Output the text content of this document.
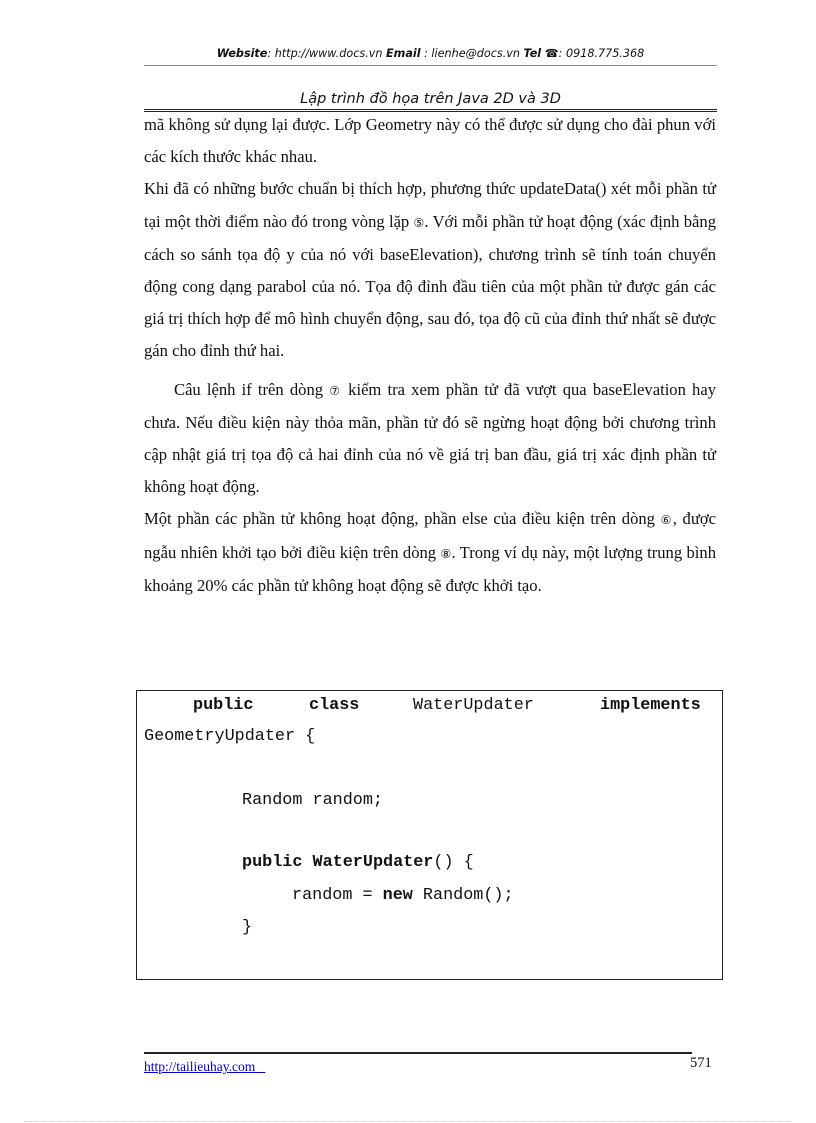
Website: http://www.docs.vn Email : lienhe@docs.vn Tel ☎: 0918.775.368
Lập trình đồ họa trên Java 2D và 3D

mã không sử dụng lại được. Lớp Geometry này có thể được sử dụng cho đài phun với các kích thước khác nhau.

Khi đã có những bước chuẩn bị thích hợp, phương thức updateData() xét mỗi phần tử tại một thời điểm nào đó trong vòng lặp ⑤. Với mỗi phần tử hoạt động (xác định bằng cách so sánh tọa độ y của nó với baseElevation), chương trình sẽ tính toán chuyển động cong dạng parabol của nó. Tọa độ đỉnh đầu tiên của một phần tử được gán các giá trị thích hợp để mô hình chuyển động, sau đó, tọa độ cũ của đỉnh thứ nhất sẽ được gán cho đỉnh thứ hai.

Câu lệnh if trên dòng ⑦ kiểm tra xem phần tử đã vượt qua baseElevation hay chưa. Nếu điều kiện này thỏa mãn, phần tử đó sẽ ngừng hoạt động bởi chương trình cập nhật giá trị tọa độ cả hai đỉnh của nó về giá trị ban đầu, giá trị xác định phần tử không hoạt động.

Một phần các phần tử không hoạt động, phần else của điều kiện trên dòng ⑥, được ngẫu nhiên khởi tạo bởi điều kiện trên dòng ⑧. Trong ví dụ này, một lượng trung bình khoảng 20% các phần tử không hoạt động sẽ được khởi tạo.

public	class	WaterUpdater	implements
GeometryUpdater {
Random random;
public WaterUpdater() {
random = new Random();
}
http://tailieuhay.com	571
